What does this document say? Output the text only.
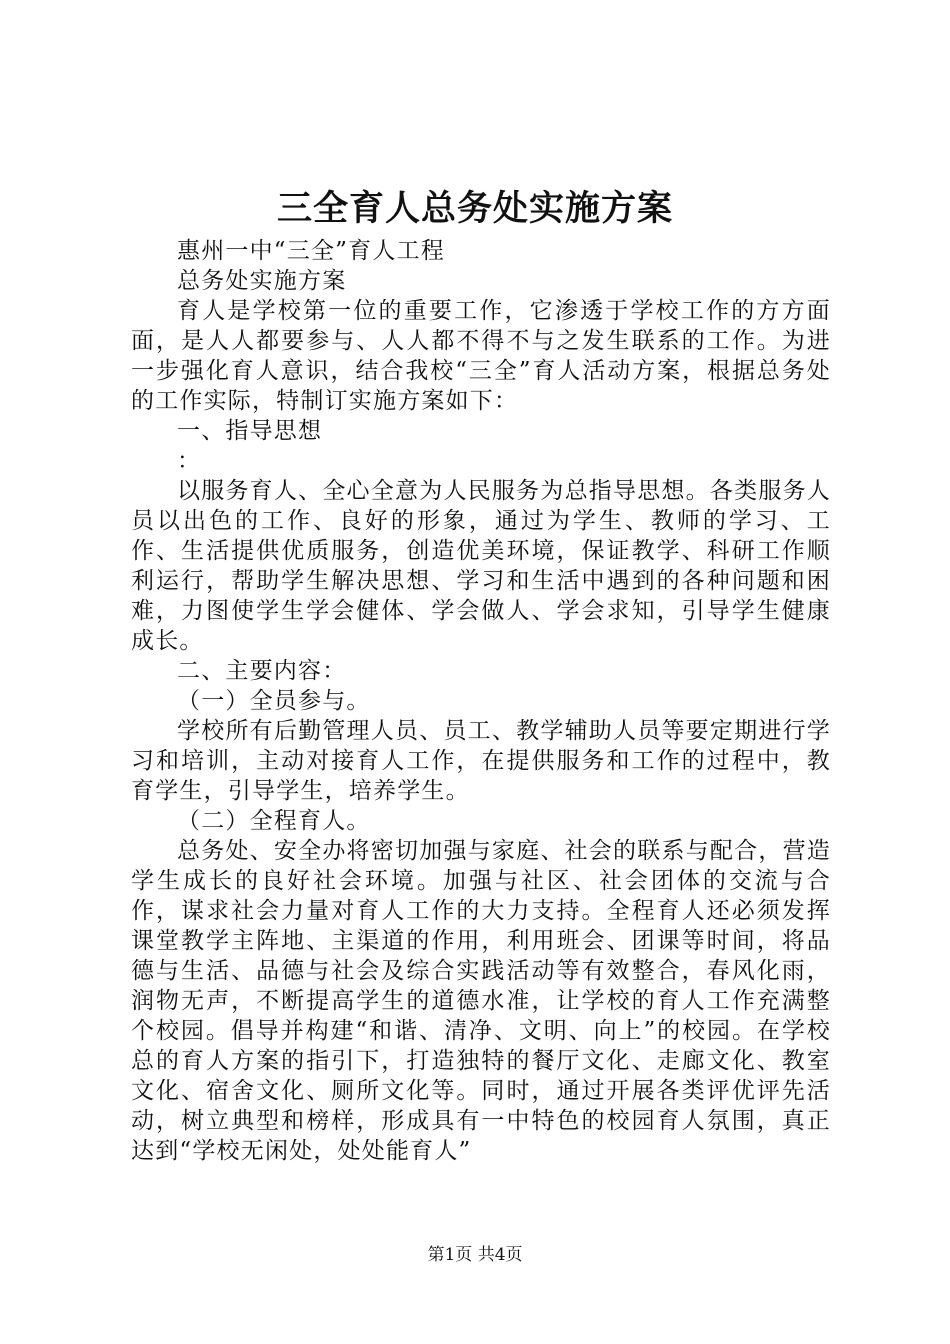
三全育人总务处实施方案

惠州一中“三全”育人工程

总务处实施方案

育人是学校第一位的重要工作，它渗透于学校工作的方方面面，是人人都要参与、人人都不得不与之发生联系的工作。为进一步强化育人意识，结合我校“三全”育人活动方案，根据总务处的工作实际，特制订实施方案如下：

一、指导思想

：

以服务育人、全心全意为人民服务为总指导思想。各类服务人员以出色的工作、良好的形象，通过为学生、教师的学习、工作、生活提供优质服务，创造优美环境，保证教学、科研工作顺利运行，帮助学生解决思想、学习和生活中遇到的各种问题和困难，力图使学生学会健体、学会做人、学会求知，引导学生健康成长。

二、主要内容：

（一）全员参与。

学校所有后勤管理人员、员工、教学辅助人员等要定期进行学习和培训，主动对接育人工作，在提供服务和工作的过程中，教育学生，引导学生，培养学生。

（二）全程育人。

总务处、安全办将密切加强与家庭、社会的联系与配合，营造学生成长的良好社会环境。加强与社区、社会团体的交流与合作，谋求社会力量对育人工作的大力支持。全程育人还必须发挥课堂教学主阵地、主渠道的作用，利用班会、团课等时间，将品德与生活、品德与社会及综合实践活动等有效整合，春风化雨，润物无声，不断提高学生的道德水准，让学校的育人工作充满整个校园。倡导并构建“和谐、清净、文明、向上”的校园。在学校总的育人方案的指引下，打造独特的餐厅文化、走廊文化、教室文化、宿舍文化、厕所文化等。同时，通过开展各类评优评先活动，树立典型和榜样，形成具有一中特色的校园育人氛围，真正达到“学校无闲处，处处能育人”

第1页 共4页
